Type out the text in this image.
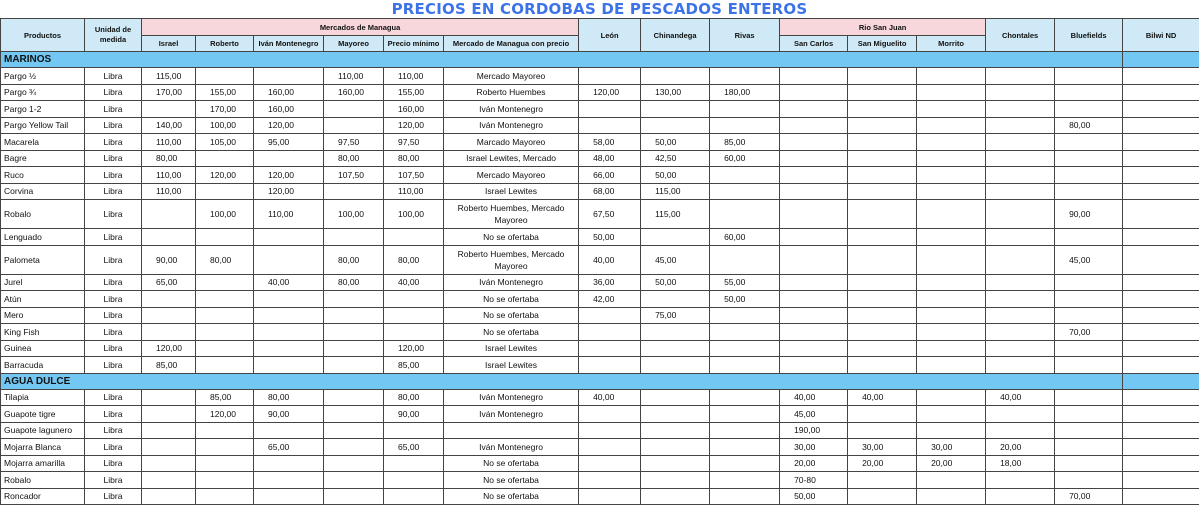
PRECIOS EN CORDOBAS DE PESCADOS ENTEROS
Productos	Unidad de medida	Mercados de Managua						León	Chinandega	Rivas	Rio San Juan			Chontales	Bluefields	Bilwi ND
		Israel	Roberto	Iván Montenegro	Mayoreo	Precio mínimo	Mercado de Managua con precio				San Carlos	San Miguelito	Morrito			
MARINOS																
Pargo ½	Libra	115,00			110,00	110,00	Mercado Mayoreo									
Pargo ¾	Libra	170,00	155,00	160,00	160,00	155,00	Roberto Huembes	120,00	130,00	180,00						
Pargo 1-2	Libra		170,00	160,00		160,00	Iván Montenegro									
Pargo Yellow Tail	Libra	140,00	100,00	120,00		120,00	Iván Montenegro								80,00	
Macarela	Libra	110,00	105,00	95,00	97,50	97,50	Marcado Mayoreo	58,00	50,00	85,00						
Bagre	Libra	80,00			80,00	80,00	Israel Lewites, Mercado	48,00	42,50	60,00						
Ruco	Libra	110,00	120,00	120,00	107,50	107,50	Mercado Mayoreo	66,00	50,00							
Corvina	Libra	110,00		120,00		110,00	Israel Lewites	68,00	115,00							
Robalo	Libra		100,00	110,00	100,00	100,00	Roberto Huembes, Mercado Mayoreo	67,50	115,00						90,00	
Lenguado	Libra						No se ofertaba	50,00		60,00						
Palometa	Libra	90,00	80,00		80,00	80,00	Roberto Huembes, Mercado Mayoreo	40,00	45,00						45,00	
Jurel	Libra	65,00		40,00	80,00	40,00	Iván Montenegro	36,00	50,00	55,00						
Atún	Libra						No se ofertaba	42,00		50,00						
Mero	Libra						No se ofertaba		75,00							
King Fish	Libra						No se ofertaba								70,00	
Guinea	Libra	120,00				120,00	Israel Lewites									
Barracuda	Libra	85,00				85,00	Israel Lewites									
AGUA DULCE																
Tilapia	Libra		85,00	80,00		80,00	Iván Montenegro	40,00			40,00	40,00		40,00		
Guapote tigre	Libra		120,00	90,00		90,00	Iván Montenegro				45,00					
Guapote lagunero	Libra										190,00					
Mojarra Blanca	Libra			65,00		65,00	Iván Montenegro				30,00	30,00	30,00	20,00		
Mojarra amarilla	Libra						No se ofertaba				20,00	20,00	20,00	18,00		
Robalo	Libra						No se ofertaba				70-80					
Roncador	Libra						No se ofertaba				50,00				70,00	
